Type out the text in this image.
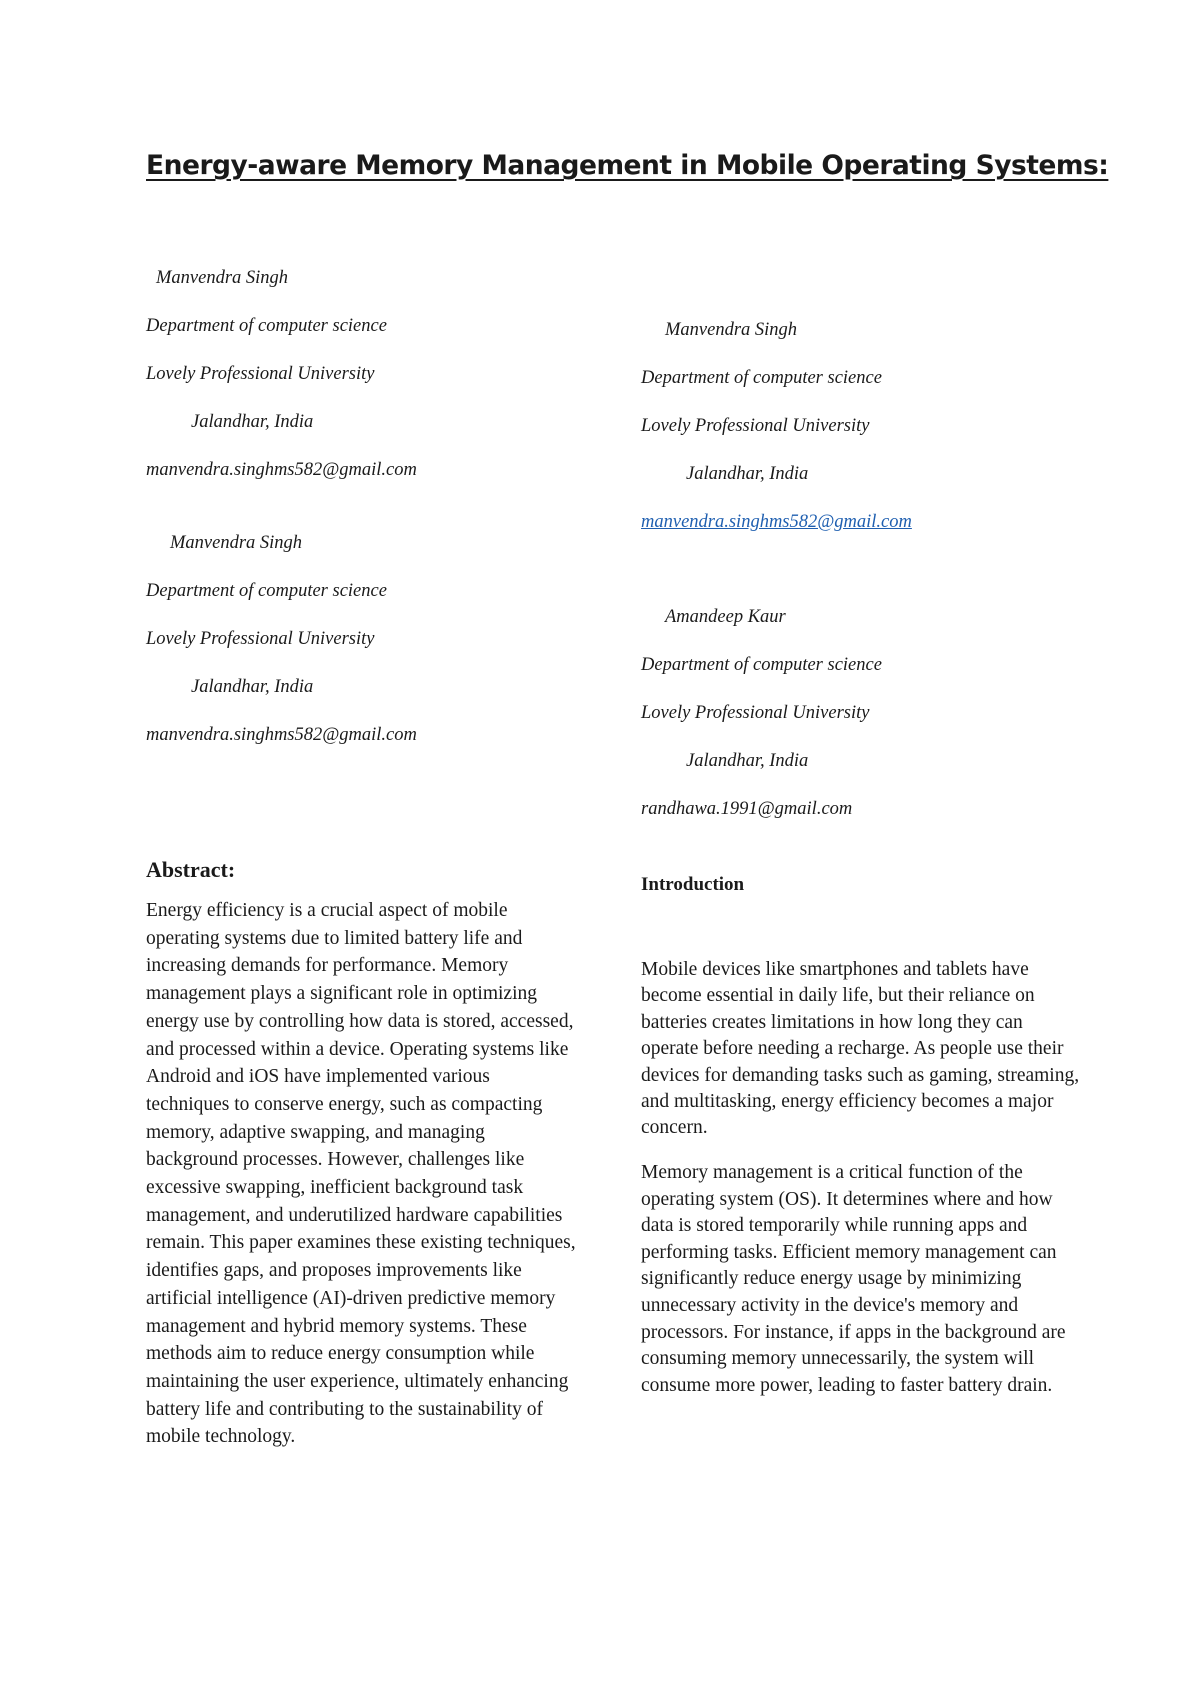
Energy-aware Memory Management in Mobile Operating Systems:
Manvendra Singh
Department of computer science
Lovely Professional University
Jalandhar, India
manvendra.singhms582@gmail.com
Manvendra Singh
Department of computer science
Lovely Professional University
Jalandhar, India
manvendra.singhms582@gmail.com
Manvendra Singh
Department of computer science
Lovely Professional University
Jalandhar, India
manvendra.singhms582@gmail.com
Amandeep Kaur
Department of computer science
Lovely Professional University
Jalandhar, India
randhawa.1991@gmail.com
Abstract:

Energy efficiency is a crucial aspect of mobile operating systems due to limited battery life and increasing demands for performance. Memory management plays a significant role in optimizing energy use by controlling how data is stored, accessed, and processed within a device. Operating systems like Android and iOS have implemented various techniques to conserve energy, such as compacting memory, adaptive swapping, and managing background processes. However, challenges like excessive swapping, inefficient background task management, and underutilized hardware capabilities remain. This paper examines these existing techniques, identifies gaps, and proposes improvements like artificial intelligence (AI)-driven predictive memory management and hybrid memory systems. These methods aim to reduce energy consumption while maintaining the user experience, ultimately enhancing battery life and contributing to the sustainability of mobile technology.

Introduction

Mobile devices like smartphones and tablets have become essential in daily life, but their reliance on batteries creates limitations in how long they can operate before needing a recharge. As people use their devices for demanding tasks such as gaming, streaming, and multitasking, energy efficiency becomes a major concern.

Memory management is a critical function of the operating system (OS). It determines where and how data is stored temporarily while running apps and performing tasks. Efficient memory management can significantly reduce energy usage by minimizing unnecessary activity in the device's memory and processors. For instance, if apps in the background are consuming memory unnecessarily, the system will consume more power, leading to faster battery drain.
